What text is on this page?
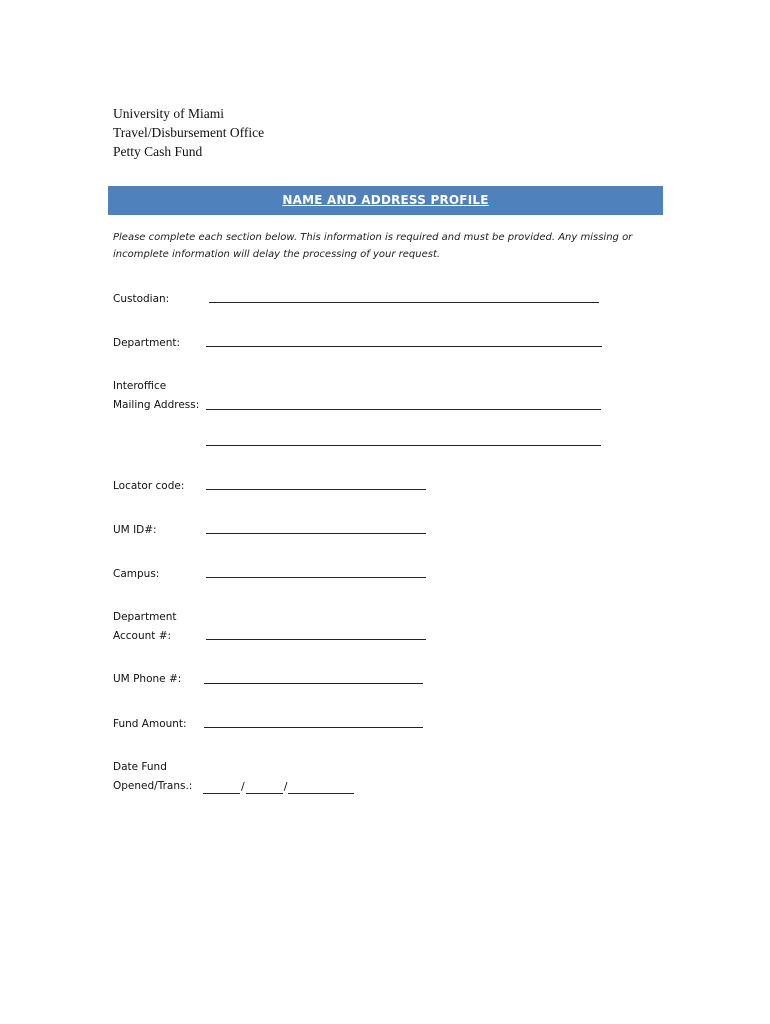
University of Miami
Travel/Disbursement Office
Petty Cash Fund
NAME AND ADDRESS PROFILE
Please complete each section below. This information is required and must be provided. Any missing or
incomplete information will delay the processing of your request.
Custodian:
Department:
Interoffice
Mailing Address:
Locator code:
UM ID#:
Campus:
Department
Account #:
UM Phone #:
Fund Amount:
Date Fund
Opened/Trans.:	/	/
